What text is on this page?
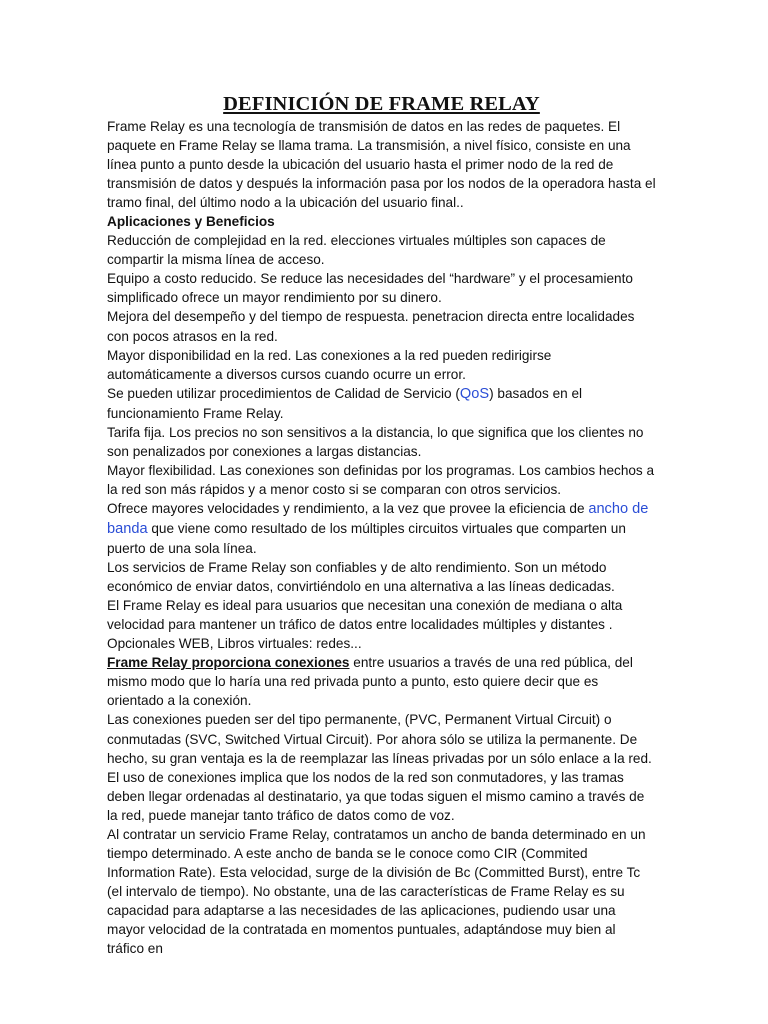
DEFINICIÓN DE FRAME RELAY

Frame Relay es una tecnología de transmisión de datos en las redes de paquetes. El paquete en Frame Relay se llama trama. La transmisión, a nivel físico, consiste en una línea punto a punto desde la ubicación del usuario hasta el primer nodo de la red de transmisión de datos y después la información pasa por los nodos de la operadora hasta el tramo final, del último nodo a la ubicación del usuario final..

Aplicaciones y Beneficios

Reducción de complejidad en la red. elecciones virtuales múltiples son capaces de compartir la misma línea de acceso.

Equipo a costo reducido. Se reduce las necesidades del “hardware” y el procesamiento simplificado ofrece un mayor rendimiento por su dinero.

Mejora del desempeño y del tiempo de respuesta. penetracion directa entre localidades con pocos atrasos en la red.

Mayor disponibilidad en la red. Las conexiones a la red pueden redirigirse automáticamente a diversos cursos cuando ocurre un error.

Se pueden utilizar procedimientos de Calidad de Servicio (QoS) basados en el funcionamiento Frame Relay.

Tarifa fija. Los precios no son sensitivos a la distancia, lo que significa que los clientes no son penalizados por conexiones a largas distancias.

Mayor flexibilidad. Las conexiones son definidas por los programas. Los cambios hechos a la red son más rápidos y a menor costo si se comparan con otros servicios.

Ofrece mayores velocidades y rendimiento, a la vez que provee la eficiencia de ancho de banda que viene como resultado de los múltiples circuitos virtuales que comparten un puerto de una sola línea.

Los servicios de Frame Relay son confiables y de alto rendimiento. Son un método económico de enviar datos, convirtiéndolo en una alternativa a las líneas dedicadas.

El Frame Relay es ideal para usuarios que necesitan una conexión de mediana o alta velocidad para mantener un tráfico de datos entre localidades múltiples y distantes .

Opcionales WEB, Libros virtuales: redes...

Frame Relay proporciona conexiones entre usuarios a través de una red pública, del mismo modo que lo haría una red privada punto a punto, esto quiere decir que es orientado a la conexión.

Las conexiones pueden ser del tipo permanente, (PVC, Permanent Virtual Circuit) o conmutadas (SVC, Switched Virtual Circuit). Por ahora sólo se utiliza la permanente. De hecho, su gran ventaja es la de reemplazar las líneas privadas por un sólo enlace a la red.

El uso de conexiones implica que los nodos de la red son conmutadores, y las tramas deben llegar ordenadas al destinatario, ya que todas siguen el mismo camino a través de la red, puede manejar tanto tráfico de datos como de voz.

Al contratar un servicio Frame Relay, contratamos un ancho de banda determinado en un tiempo determinado. A este ancho de banda se le conoce como CIR (Commited Information Rate). Esta velocidad, surge de la división de Bc (Committed Burst), entre Tc (el intervalo de tiempo). No obstante, una de las características de Frame Relay es su capacidad para adaptarse a las necesidades de las aplicaciones, pudiendo usar una mayor velocidad de la contratada en momentos puntuales, adaptándose muy bien al tráfico en
